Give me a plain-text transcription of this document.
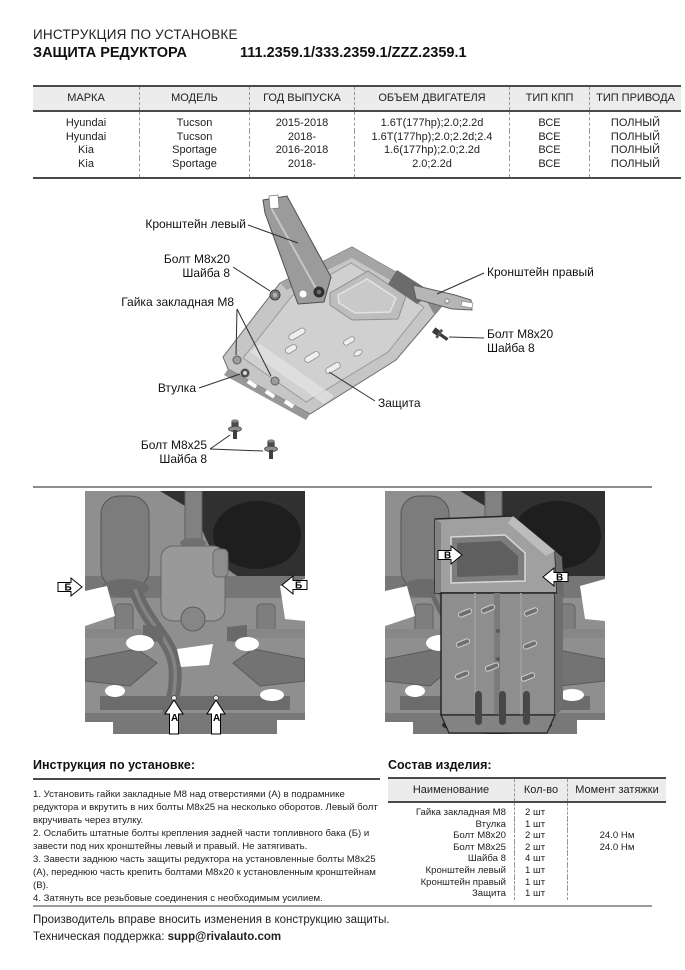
ИНСТРУКЦИЯ ПО УСТАНОВКЕ
ЗАЩИТА РЕДУКТОРА	111.2359.1/333.2359.1/ZZZ.2359.1
МАРКА	МОДЕЛЬ	ГОД ВЫПУСКА	ОБЪЕМ ДВИГАТЕЛЯ	ТИП КПП	ТИП ПРИВОДА
Hyundai	Tucson	2015-2018	1.6T(177hp);2.0;2.2d	ВСЕ	ПОЛНЫЙ
Hyundai	Tucson	2018-	1.6T(177hp);2.0;2.2d;2.4	ВСЕ	ПОЛНЫЙ
Kia	Sportage	2016-2018	1.6(177hp);2.0;2.2d	ВСЕ	ПОЛНЫЙ
Kia	Sportage	2018-	2.0;2.2d	ВСЕ	ПОЛНЫЙ
Кронштейн левый
Болт М8х20
Шайба 8
Гайка закладная М8
Втулка
Защита
Болт М8х25
Шайба 8
Кронштейн правый
Болт М8х20
Шайба 8
Б	Б
А	А
В
В
Инструкция по установке:

1. Установить гайки закладные М8 над отверстиями (А) в подрамнике редуктора и вкрутить в них болты М8х25 на несколько оборотов. Левый болт вкручивать через втулку.

2. Ослабить штатные болты крепления задней части топливного бака (Б) и завести под них кронштейны левый и правый. Не затягивать.

3. Завести заднюю часть защиты редуктора на установленные болты М8х25 (А), переднюю часть крепить болтами М8х20 к установленным кронштейнам (В).

4. Затянуть все резьбовые соединения с необходимым усилием.

Состав изделия:
Наименование	Кол-во	Момент затяжки
Гайка закладная М8	2 шт	
Втулка	1 шт	
Болт М8х20	2 шт	24.0 Нм
Болт М8х25	2 шт	24.0 Нм
Шайба 8	4 шт	
Кронштейн левый	1 шт	
Кронштейн правый	1 шт	
Защита	1 шт	
Производитель вправе вносить изменения в конструкцию защиты.
Техническая поддержка: supp@rivalauto.com
